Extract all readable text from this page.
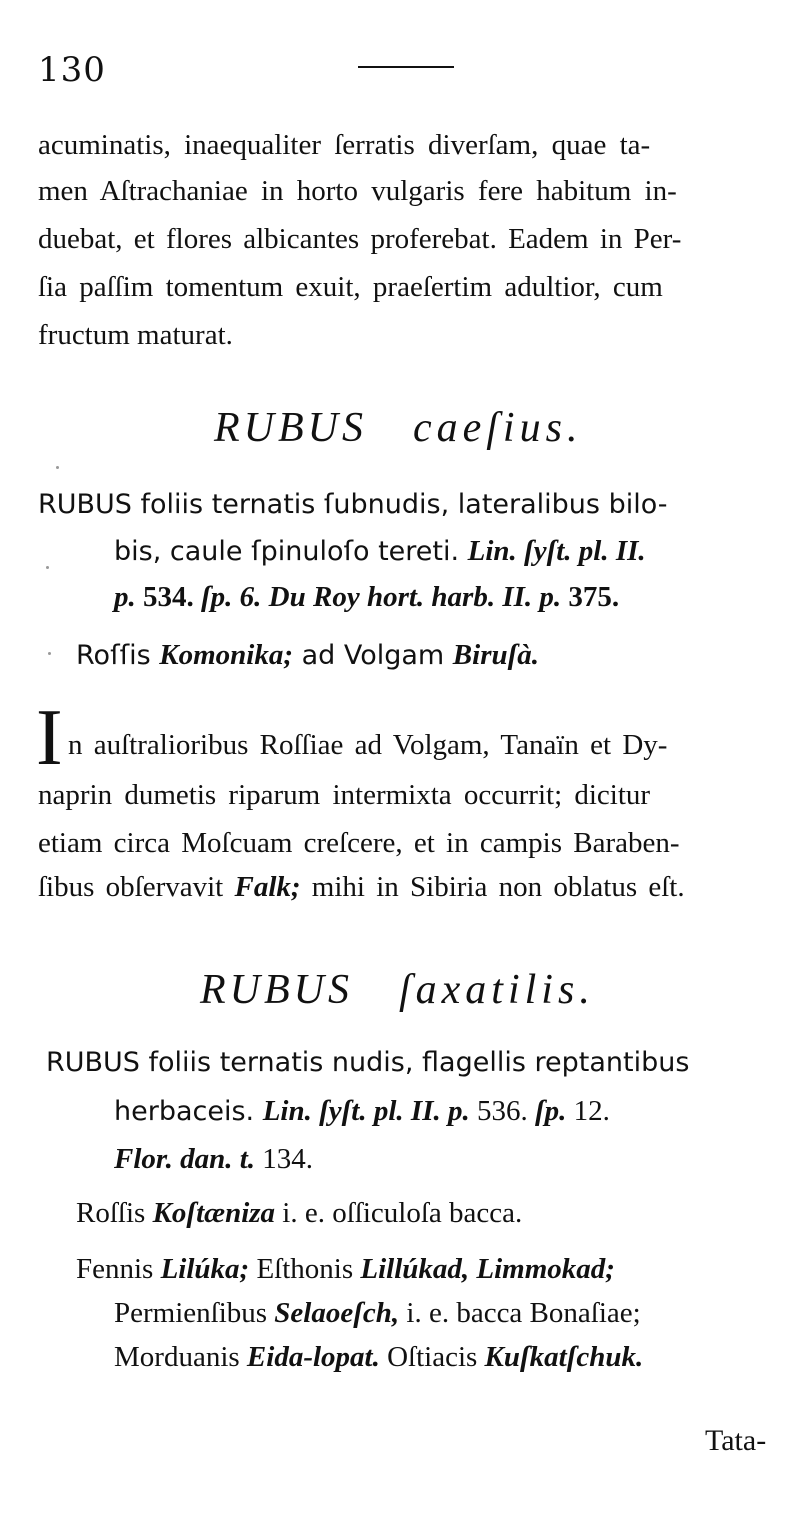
130
acuminatis, inaequaliter ſerratis diverſam, quae ta-
men Aſtrachaniae in horto vulgaris fere habitum in-
duebat, et flores albicantes proferebat. Eadem in Per-
ſia paſſim tomentum exuit, praeſertim adultior, cum
fructum maturat.
RUBUS caeſius.
RUBUS foliis ternatis ſubnudis, lateralibus bilo-
bis, caule ſpinuloſo tereti. Lin. ſyſt. pl. II.
p. 534. ſp. 6. Du Roy hort. harb. II. p. 375.
Roſſis Komonika; ad Volgam Biruſà.
I n auſtralioribus Roſſiae ad Volgam, Tanaïn et Dy-
naprin dumetis riparum intermixta occurrit; dicitur
etiam circa Moſcuam creſcere, et in campis Baraben-
ſibus obſervavit Falk; mihi in Sibiria non oblatus eſt.
RUBUS ſaxatilis.
RUBUS foliis ternatis nudis, flagellis reptantibus
herbaceis. Lin. ſyſt. pl. II. p. 536. ſp. 12.
Flor. dan. t. 134.
Roſſis Koſtæniza i. e. oſſiculoſa bacca.
Fennis Lilúka; Eſthonis Lillúkad, Limmokad;
Permienſibus Selaoeſch, i. e. bacca Bonaſiae;
Morduanis Eida-lopat. Oſtiacis Kuſkatſchuk.
Tata-
